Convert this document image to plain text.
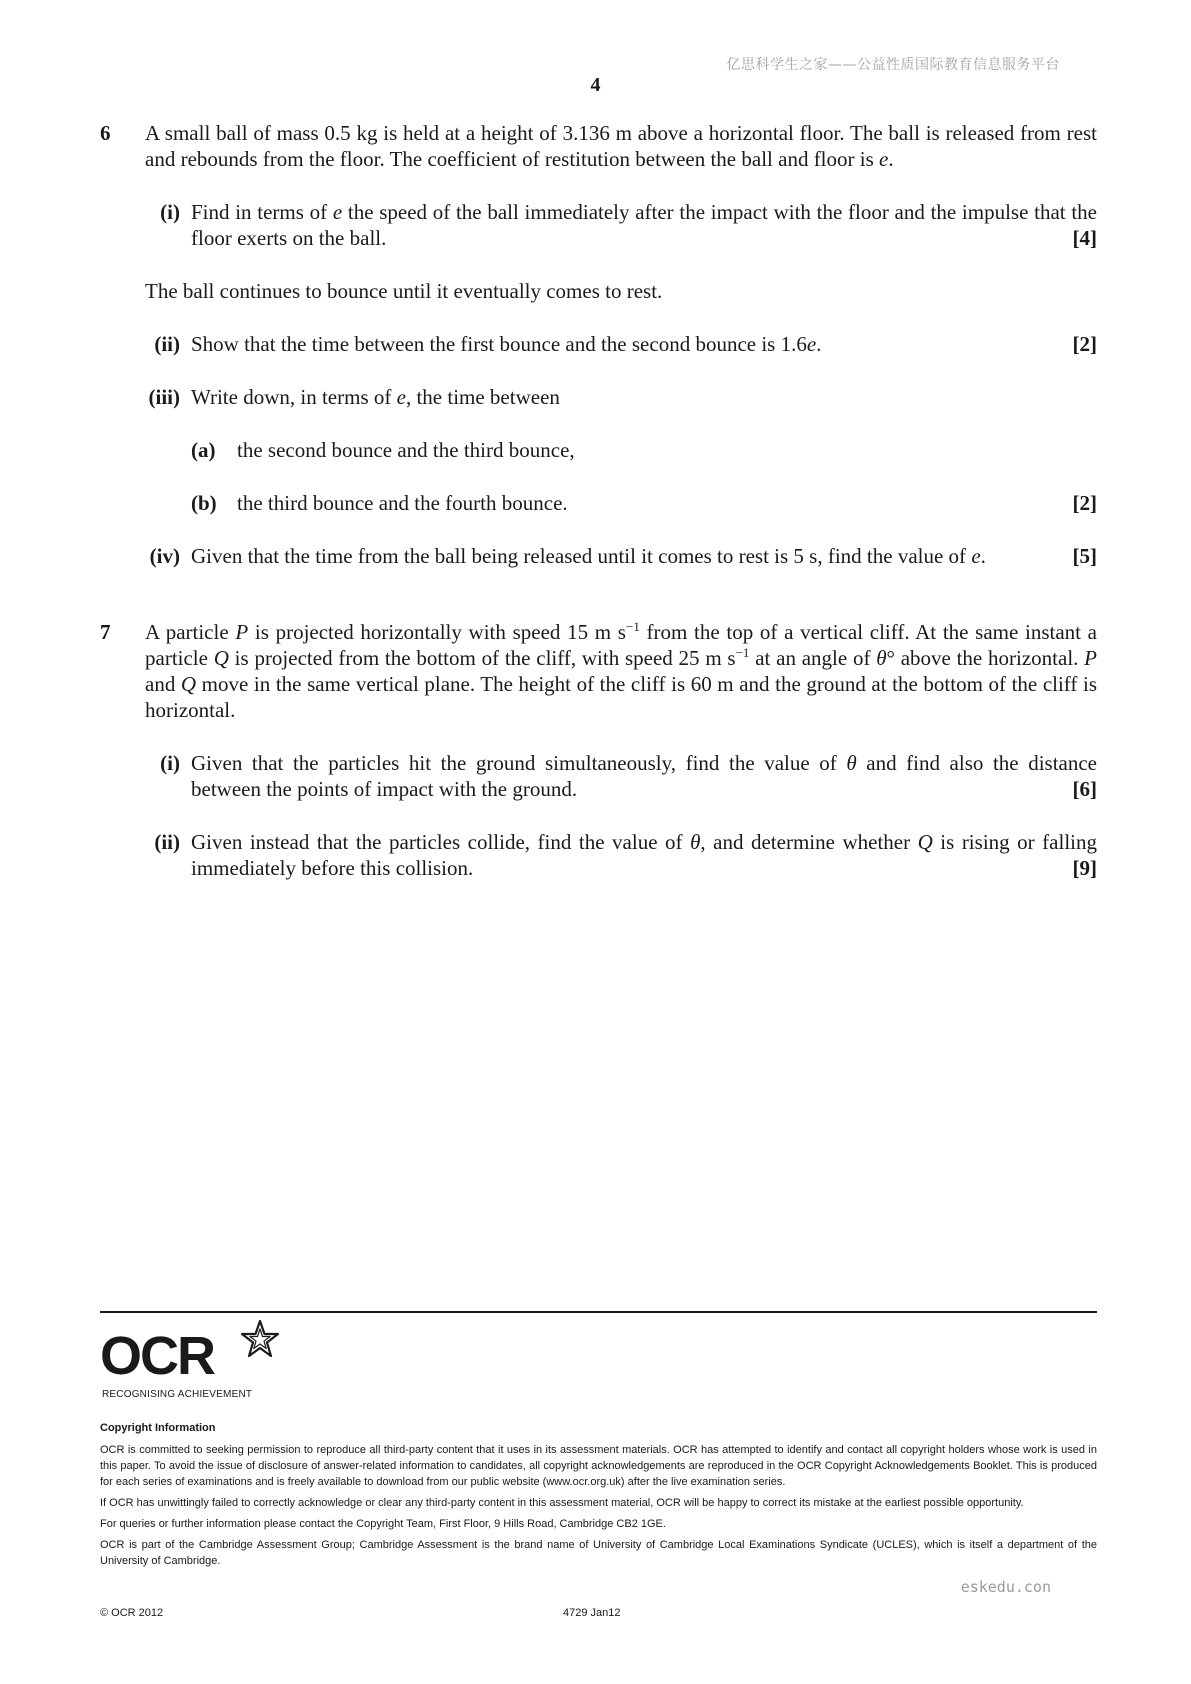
亿思科学生之家——公益性质国际教育信息服务平台
4
6 A small ball of mass 0.5 kg is held at a height of 3.136 m above a horizontal floor. The ball is released from rest and rebounds from the floor. The coefficient of restitution between the ball and floor is e.
(i) Find in terms of e the speed of the ball immediately after the impact with the floor and the impulse that the floor exerts on the ball.	[4]
The ball continues to bounce until it eventually comes to rest.
(ii) Show that the time between the first bounce and the second bounce is 1.6e.	[2]
(iii) Write down, in terms of e, the time between
(a) the second bounce and the third bounce,
(b) the third bounce and the fourth bounce.	[2]
(iv) Given that the time from the ball being released until it comes to rest is 5 s, find the value of e.	[5]
7 A particle P is projected horizontally with speed 15 m $s^{-1}$ from the top of a vertical cliff. At the same instant a particle Q is projected from the bottom of the cliff, with speed 25 m $s^{-1}$ at an angle of θ° above the horizontal. P and Q move in the same vertical plane. The height of the cliff is 60 m and the ground at the bottom of the cliff is horizontal.
(i) Given that the particles hit the ground simultaneously, find the value of θ and find also the distance between the points of impact with the ground.	[6]
(ii) Given instead that the particles collide, find the value of θ, and determine whether Q is rising or falling immediately before this collision.	[9]
OCR
RECOGNISING ACHIEVEMENT
Copyright Information

OCR is committed to seeking permission to reproduce all third-party content that it uses in its assessment materials. OCR has attempted to identify and contact all copyright holders whose work is used in this paper. To avoid the issue of disclosure of answer-related information to candidates, all copyright acknowledgements are reproduced in the OCR Copyright Acknowledgements Booklet. This is produced for each series of examinations and is freely available to download from our public website (www.ocr.org.uk) after the live examination series.

If OCR has unwittingly failed to correctly acknowledge or clear any third-party content in this assessment material, OCR will be happy to correct its mistake at the earliest possible opportunity.

For queries or further information please contact the Copyright Team, First Floor, 9 Hills Road, Cambridge CB2 1GE.

OCR is part of the Cambridge Assessment Group; Cambridge Assessment is the brand name of University of Cambridge Local Examinations Syndicate (UCLES), which is itself a department of the University of Cambridge.

eskedu.con
© OCR 2012	4729 Jan12
